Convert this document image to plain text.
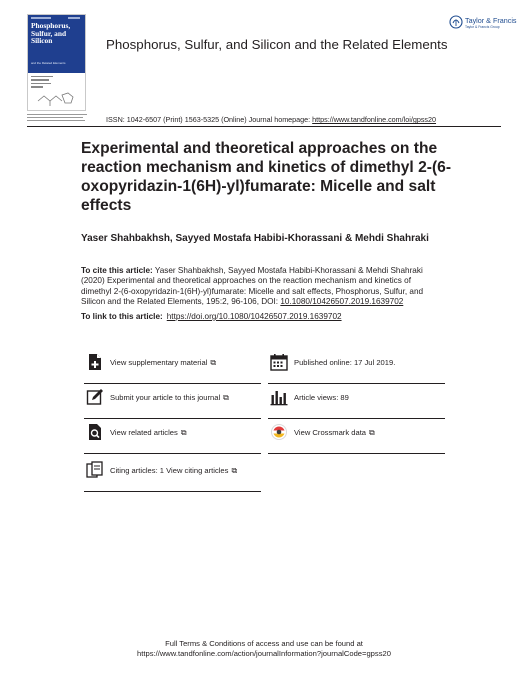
Phosphorus,
Sulfur, and
Silicon
and the Related Elements
Phosphorus, Sulfur, and Silicon and the Related Elements
Taylor & Francis
Taylor & Francis Group
ISSN: 1042-6507 (Print) 1563-5325 (Online) Journal homepage: https://www.tandfonline.com/loi/gpss20
Experimental and theoretical approaches on the reaction mechanism and kinetics of dimethyl 2-(6-oxopyridazin-1(6H)-yl)fumarate: Micelle and salt effects
Yaser Shahbakhsh, Sayyed Mostafa Habibi-Khorassani & Mehdi Shahraki
To cite this article: Yaser Shahbakhsh, Sayyed Mostafa Habibi-Khorassani & Mehdi Shahraki (2020) Experimental and theoretical approaches on the reaction mechanism and kinetics of dimethyl 2-(6-oxopyridazin-1(6H)-yl)fumarate: Micelle and salt effects, Phosphorus, Sulfur, and Silicon and the Related Elements, 195:2, 96-106, DOI: 10.1080/10426507.2019.1639702
To link to this article: https://doi.org/10.1080/10426507.2019.1639702
View supplementary material ⧉
Submit your article to this journal ⧉
View related articles ⧉
Citing articles: 1 View citing articles ⧉
Published online: 17 Jul 2019.
Article views: 89
View Crossmark data ⧉
Full Terms & Conditions of access and use can be found at
https://www.tandfonline.com/action/journalInformation?journalCode=gpss20
